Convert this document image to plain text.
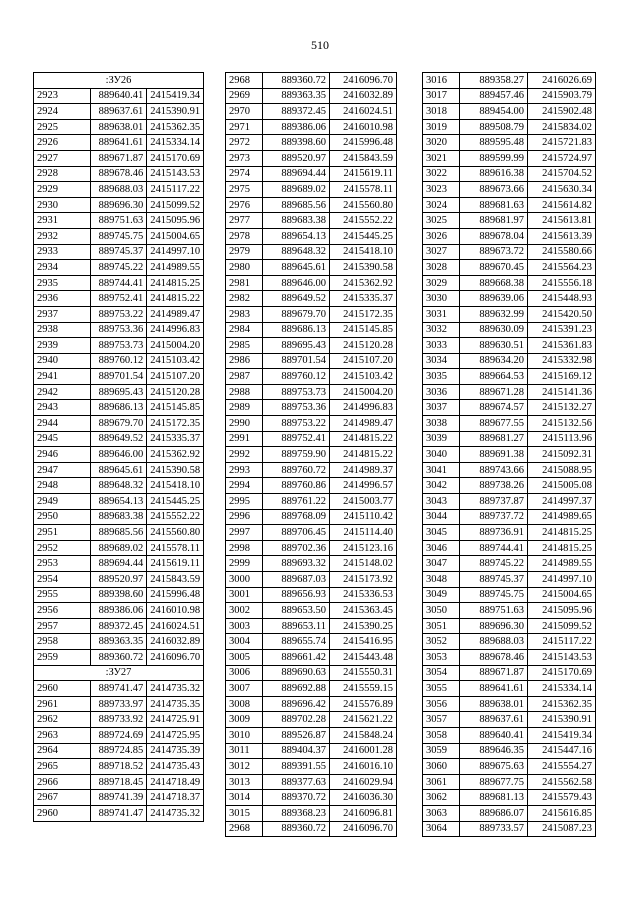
510
:ЗУ26		
2923	889640.41	2415419.34
2924	889637.61	2415390.91
2925	889638.01	2415362.35
2926	889641.61	2415334.14
2927	889671.87	2415170.69
2928	889678.46	2415143.53
2929	889688.03	2415117.22
2930	889696.30	2415099.52
2931	889751.63	2415095.96
2932	889745.75	2415004.65
2933	889745.37	2414997.10
2934	889745.22	2414989.55
2935	889744.41	2414815.25
2936	889752.41	2414815.22
2937	889753.22	2414989.47
2938	889753.36	2414996.83
2939	889753.73	2415004.20
2940	889760.12	2415103.42
2941	889701.54	2415107.20
2942	889695.43	2415120.28
2943	889686.13	2415145.85
2944	889679.70	2415172.35
2945	889649.52	2415335.37
2946	889646.00	2415362.92
2947	889645.61	2415390.58
2948	889648.32	2415418.10
2949	889654.13	2415445.25
2950	889683.38	2415552.22
2951	889685.56	2415560.80
2952	889689.02	2415578.11
2953	889694.44	2415619.11
2954	889520.97	2415843.59
2955	889398.60	2415996.48
2956	889386.06	2416010.98
2957	889372.45	2416024.51
2958	889363.35	2416032.89
2959	889360.72	2416096.70
:ЗУ27		
2960	889741.47	2414735.32
2961	889733.97	2414735.35
2962	889733.92	2414725.91
2963	889724.69	2414725.95
2964	889724.85	2414735.39
2965	889718.52	2414735.43
2966	889718.45	2414718.49
2967	889741.39	2414718.37
2960	889741.47	2414735.32
2968	889360.72	2416096.70
2969	889363.35	2416032.89
2970	889372.45	2416024.51
2971	889386.06	2416010.98
2972	889398.60	2415996.48
2973	889520.97	2415843.59
2974	889694.44	2415619.11
2975	889689.02	2415578.11
2976	889685.56	2415560.80
2977	889683.38	2415552.22
2978	889654.13	2415445.25
2979	889648.32	2415418.10
2980	889645.61	2415390.58
2981	889646.00	2415362.92
2982	889649.52	2415335.37
2983	889679.70	2415172.35
2984	889686.13	2415145.85
2985	889695.43	2415120.28
2986	889701.54	2415107.20
2987	889760.12	2415103.42
2988	889753.73	2415004.20
2989	889753.36	2414996.83
2990	889753.22	2414989.47
2991	889752.41	2414815.22
2992	889759.90	2414815.22
2993	889760.72	2414989.37
2994	889760.86	2414996.57
2995	889761.22	2415003.77
2996	889768.09	2415110.42
2997	889706.45	2415114.40
2998	889702.36	2415123.16
2999	889693.32	2415148.02
3000	889687.03	2415173.92
3001	889656.93	2415336.53
3002	889653.50	2415363.45
3003	889653.11	2415390.25
3004	889655.74	2415416.95
3005	889661.42	2415443.48
3006	889690.63	2415550.31
3007	889692.88	2415559.15
3008	889696.42	2415576.89
3009	889702.28	2415621.22
3010	889526.87	2415848.24
3011	889404.37	2416001.28
3012	889391.55	2416016.10
3013	889377.63	2416029.94
3014	889370.72	2416036.30
3015	889368.23	2416096.81
2968	889360.72	2416096.70
3016	889358.27	2416026.69
3017	889457.46	2415903.79
3018	889454.00	2415902.48
3019	889508.79	2415834.02
3020	889595.48	2415721.83
3021	889599.99	2415724.97
3022	889616.38	2415704.52
3023	889673.66	2415630.34
3024	889681.63	2415614.82
3025	889681.97	2415613.81
3026	889678.04	2415613.39
3027	889673.72	2415580.66
3028	889670.45	2415564.23
3029	889668.38	2415556.18
3030	889639.06	2415448.93
3031	889632.99	2415420.50
3032	889630.09	2415391.23
3033	889630.51	2415361.83
3034	889634.20	2415332.98
3035	889664.53	2415169.12
3036	889671.28	2415141.36
3037	889674.57	2415132.27
3038	889677.55	2415132.56
3039	889681.27	2415113.96
3040	889691.38	2415092.31
3041	889743.66	2415088.95
3042	889738.26	2415005.08
3043	889737.87	2414997.37
3044	889737.72	2414989.65
3045	889736.91	2414815.25
3046	889744.41	2414815.25
3047	889745.22	2414989.55
3048	889745.37	2414997.10
3049	889745.75	2415004.65
3050	889751.63	2415095.96
3051	889696.30	2415099.52
3052	889688.03	2415117.22
3053	889678.46	2415143.53
3054	889671.87	2415170.69
3055	889641.61	2415334.14
3056	889638.01	2415362.35
3057	889637.61	2415390.91
3058	889640.41	2415419.34
3059	889646.35	2415447.16
3060	889675.63	2415554.27
3061	889677.75	2415562.58
3062	889681.13	2415579.43
3063	889686.07	2415616.85
3064	889733.57	2415087.23
